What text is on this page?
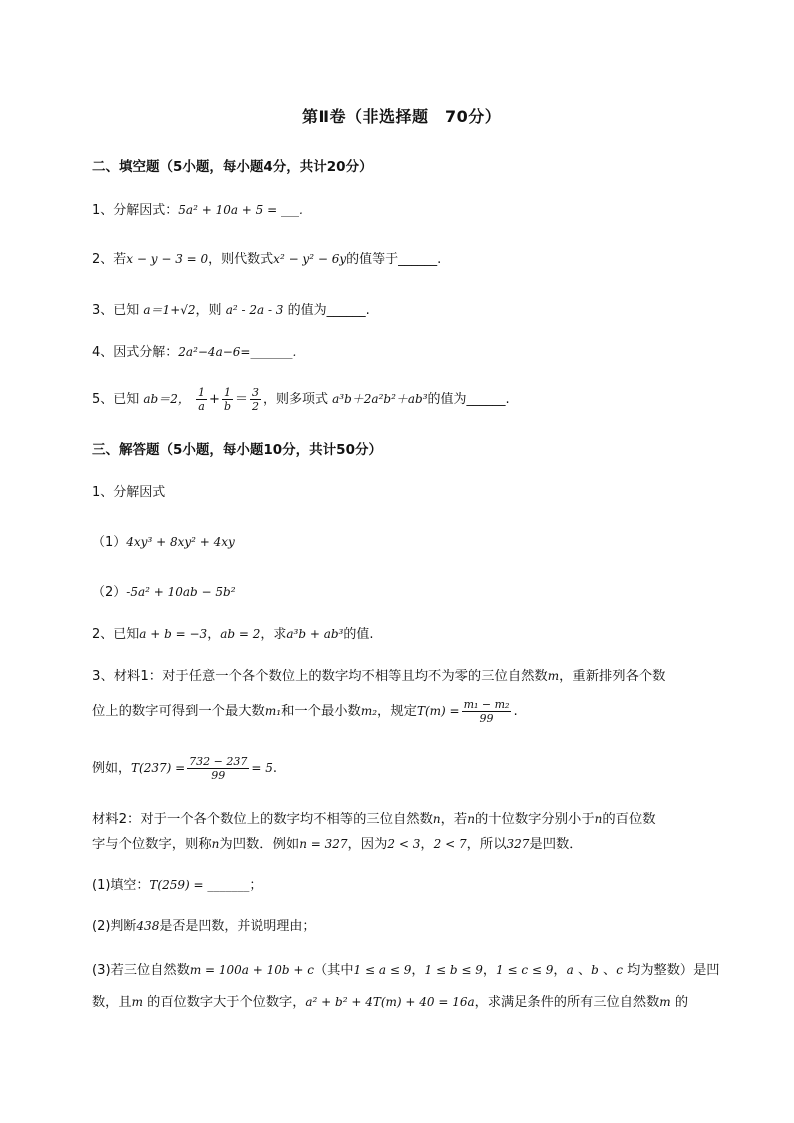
第Ⅱ卷（非选择题　70分）
二、填空题（5小题，每小题4分，共计20分）
1、分解因式：5a² + 10a + 5 = ___.
2、若x − y − 3 = 0，则代数式x² − y² − 6y的值等于______.
3、已知 a＝1+√2，则 a² - 2a - 3 的值为______.
4、因式分解：2a²−4a−6=_______.
5、已知 ab＝2， $\frac{1}{a} + \frac{1}{b} = \frac{3}{2}$ ，则多项式 a³b＋2a²b²＋ab³的值为______.
三、解答题（5小题，每小题10分，共计50分）
1、分解因式
（1）4xy³ + 8xy² + 4xy
（2）-5a² + 10ab − 5b²
2、已知a + b = −3，ab = 2，求a³b + ab³的值.
3、材料1：对于任意一个各个数位上的数字均不相等且均不为零的三位自然数m，重新排列各个数
位上的数字可得到一个最大数m₁和一个最小数m₂，规定$T(m) = \frac{\text{m₁ − m₂}}{99}$ .
例如，$T(237) = \frac{732 - 237}{99} = 5$.
材料2：对于一个各个数位上的数字均不相等的三位自然数n，若n的十位数字分别小于n的百位数
字与个位数字，则称n为凹数．例如n = 327，因为2 < 3，2 < 7，所以327是凹数．
(1)填空：T(259) = _______；
(2)判断438是否是凹数，并说明理由；
(3)若三位自然数m = 100a + 10b + c（其中1 ≤ a ≤ 9，1 ≤ b ≤ 9，1 ≤ c ≤ 9，a 、b 、c 均为整数）是凹
数，且m 的百位数字大于个位数字，a² + b² + 4T(m) + 40 = 16a，求满足条件的所有三位自然数m 的
